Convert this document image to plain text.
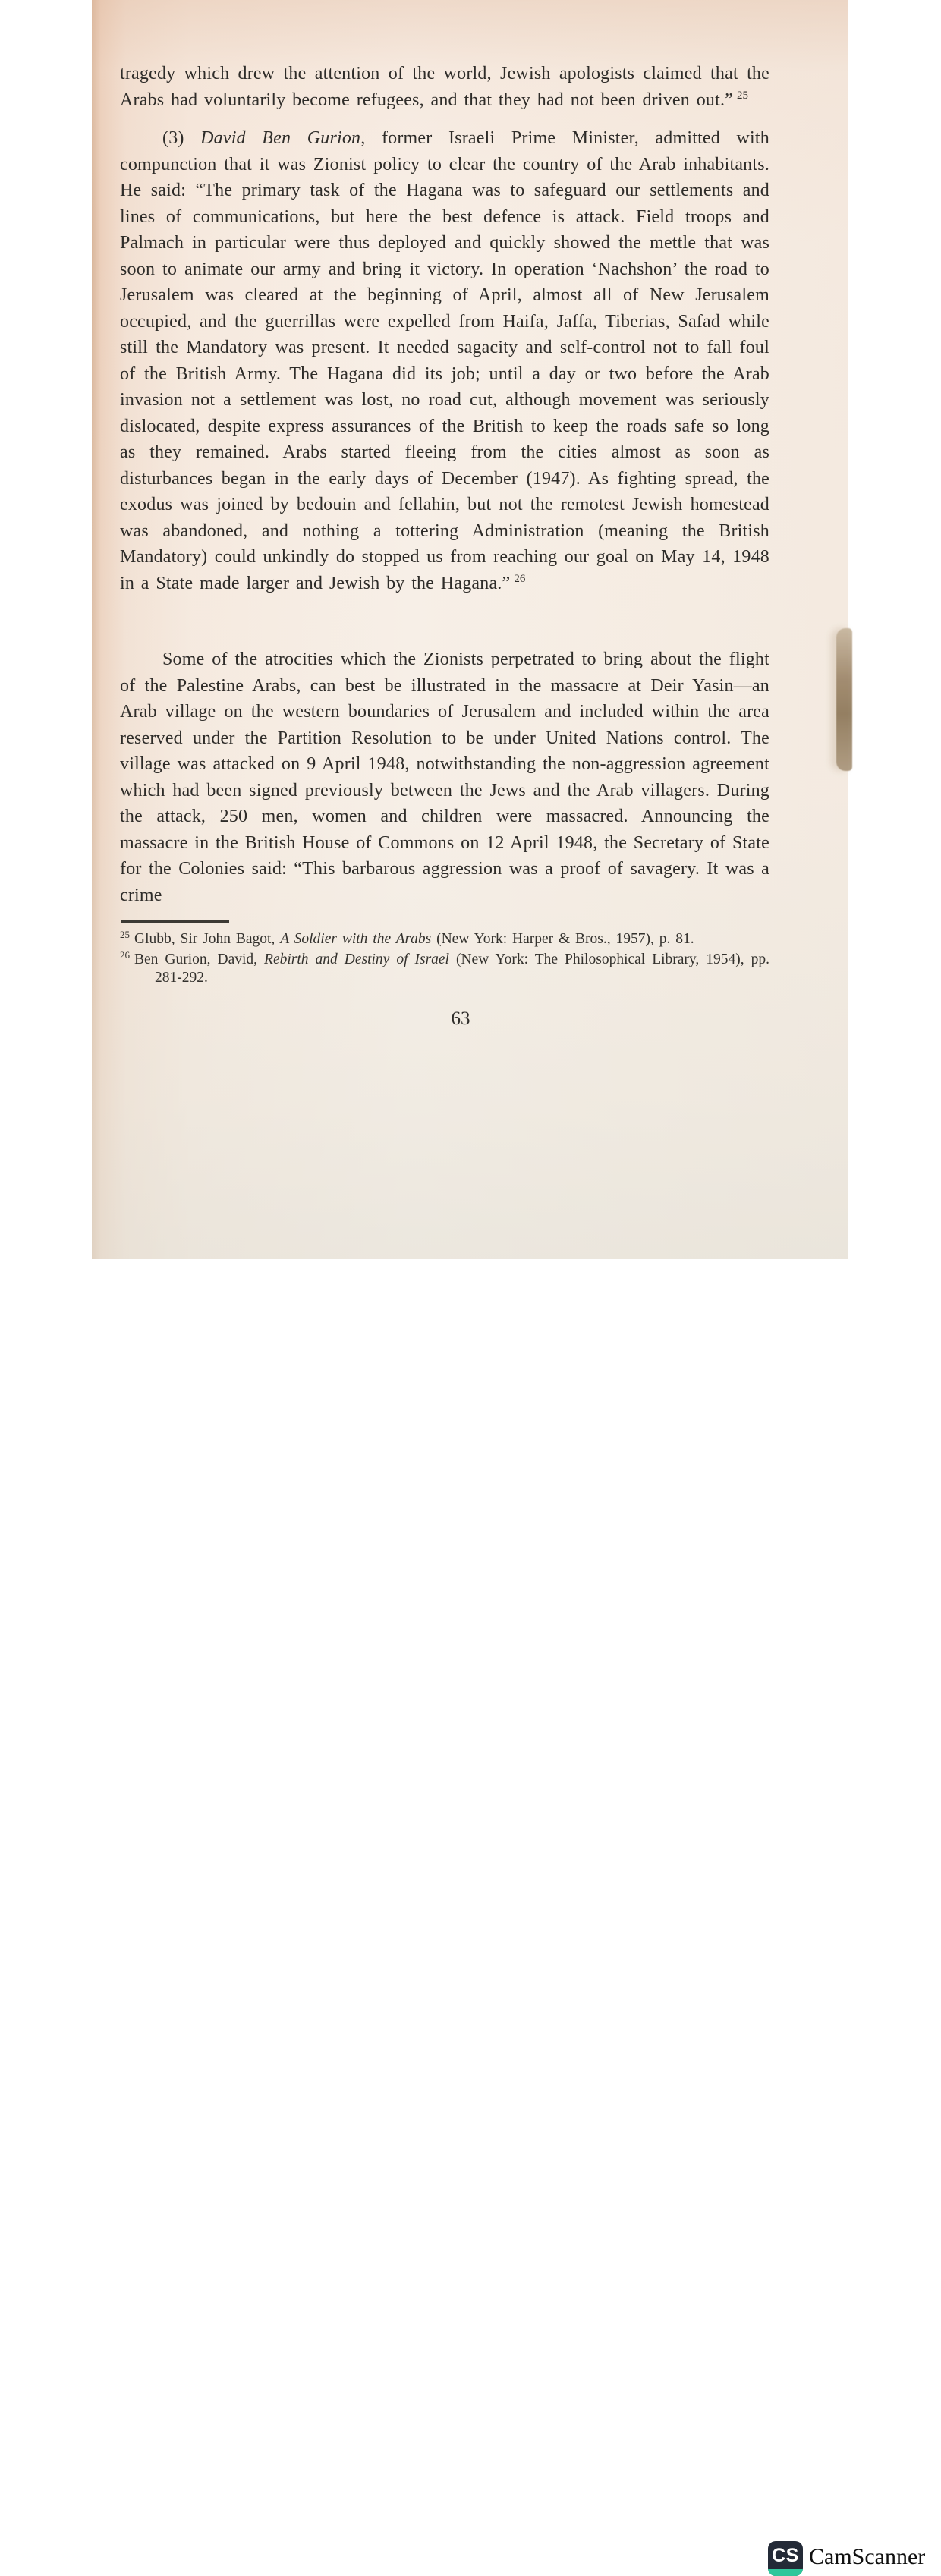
tragedy which drew the attention of the world, Jewish apologists claimed that the Arabs had voluntarily become refugees, and that they had not been driven out.” $^{25}$

(3) David Ben Gurion, former Israeli Prime Minister, admitted with compunction that it was Zionist policy to clear the country of the Arab inhabitants. He said: “The primary task of the Hagana was to safeguard our settlements and lines of communications, but here the best defence is attack. Field troops and Palmach in particular were thus deployed and quickly showed the mettle that was soon to animate our army and bring it victory. In operation ‘Nachshon’ the road to Jerusalem was cleared at the beginning of April, almost all of New Jerusalem occupied, and the guerrillas were expelled from Haifa, Jaffa, Tiberias, Safad while still the Mandatory was present. It needed sagacity and self-control not to fall foul of the British Army. The Hagana did its job; until a day or two before the Arab invasion not a settlement was lost, no road cut, although movement was seriously dislocated, despite express assurances of the British to keep the roads safe so long as they remained. Arabs started fleeing from the cities almost as soon as disturbances began in the early days of December (1947). As fighting spread, the exodus was joined by bedouin and fellahin, but not the remotest Jewish homestead was abandoned, and nothing a tottering Administration (meaning the British Mandatory) could unkindly do stopped us from reaching our goal on May 14, 1948 in a State made larger and Jewish by the Hagana.” $^{26}$

Some of the atrocities which the Zionists perpetrated to bring about the flight of the Palestine Arabs, can best be illustrated in the massacre at Deir Yasin—an Arab village on the western boundaries of Jerusalem and included within the area reserved under the Partition Resolution to be under United Nations control. The village was attacked on 9 April 1948, notwithstanding the non-aggression agreement which had been signed previously between the Jews and the Arab villagers. During the attack, 250 men, women and children were massacred. Announcing the massacre in the British House of Commons on 12 April 1948, the Secretary of State for the Colonies said: “This barbarous aggression was a proof of savagery. It was a crime

$^{25}$ Glubb, Sir John Bagot, A Soldier with the Arabs (New York: Harper & Bros., 1957), p. 81.

$^{26}$ Ben Gurion, David, Rebirth and Destiny of Israel (New York: The Philosophical Library, 1954), pp. 281-292.

63
CS CamScanner
